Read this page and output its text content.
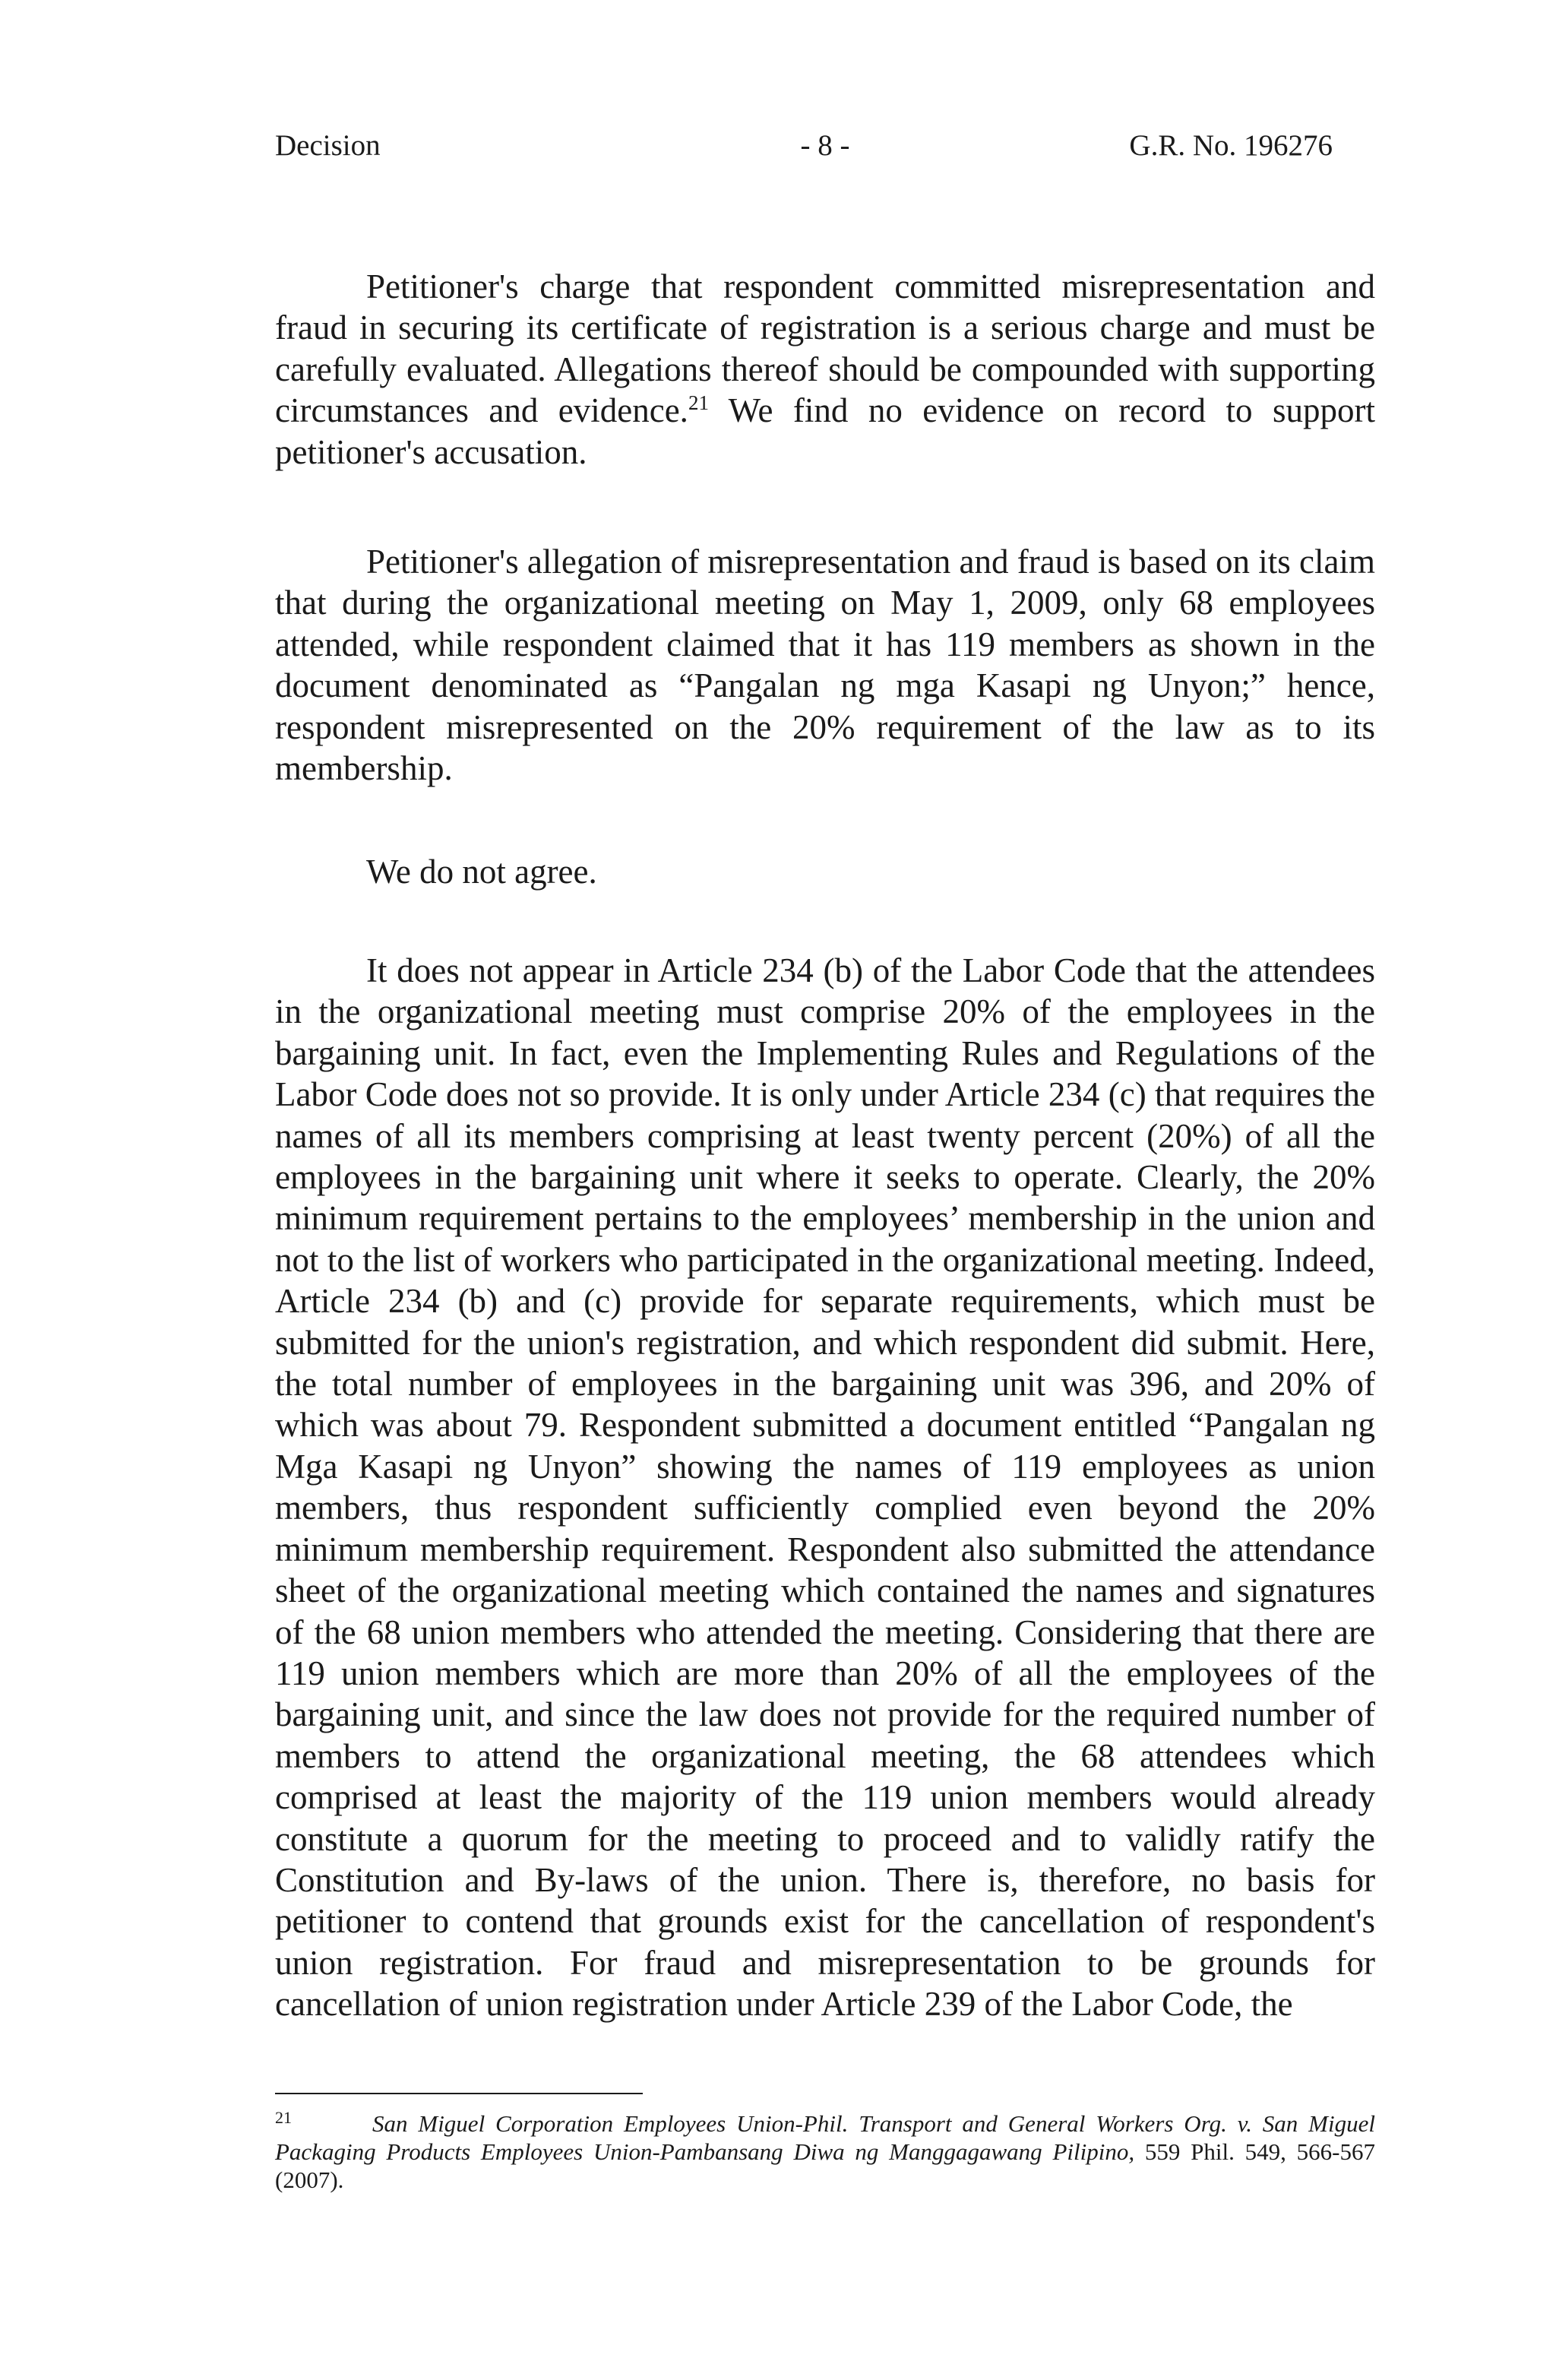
Decision	- 8 -	G.R. No. 196276

Petitioner's charge that respondent committed misrepresentation and fraud in securing its certificate of registration is a serious charge and must be carefully evaluated. Allegations thereof should be compounded with supporting circumstances and evidence.$^{21}$ We find no evidence on record to support petitioner's accusation.

Petitioner's allegation of misrepresentation and fraud is based on its claim that during the organizational meeting on May 1, 2009, only 68 employees attended, while respondent claimed that it has 119 members as shown in the document denominated as “Pangalan ng mga Kasapi ng Unyon;” hence, respondent misrepresented on the 20% requirement of the law as to its membership.

We do not agree.

It does not appear in Article 234 (b) of the Labor Code that the attendees in the organizational meeting must comprise 20% of the employees in the bargaining unit. In fact, even the Implementing Rules and Regulations of the Labor Code does not so provide. It is only under Article 234 (c) that requires the names of all its members comprising at least twenty percent (20%) of all the employees in the bargaining unit where it seeks to operate. Clearly, the 20% minimum requirement pertains to the employees’ membership in the union and not to the list of workers who participated in the organizational meeting. Indeed, Article 234 (b) and (c) provide for separate requirements, which must be submitted for the union's registration, and which respondent did submit. Here, the total number of employees in the bargaining unit was 396, and 20% of which was about 79. Respondent submitted a document entitled “Pangalan ng Mga Kasapi ng Unyon” showing the names of 119 employees as union members, thus respondent sufficiently complied even beyond the 20% minimum membership requirement. Respondent also submitted the attendance sheet of the organizational meeting which contained the names and signatures of the 68 union members who attended the meeting. Considering that there are 119 union members which are more than 20% of all the employees of the bargaining unit, and since the law does not provide for the required number of members to attend the organizational meeting, the 68 attendees which comprised at least the majority of the 119 union members would already constitute a quorum for the meeting to proceed and to validly ratify the Constitution and By-laws of the union. There is, therefore, no basis for petitioner to contend that grounds exist for the cancellation of respondent's union registration. For fraud and misrepresentation to be grounds for cancellation of union registration under Article 239 of the Labor Code, the

21	San Miguel Corporation Employees Union-Phil. Transport and General Workers Org. v. San Miguel Packaging Products Employees Union-Pambansang Diwa ng Manggagawang Pilipino, 559 Phil. 549, 566-567 (2007).
